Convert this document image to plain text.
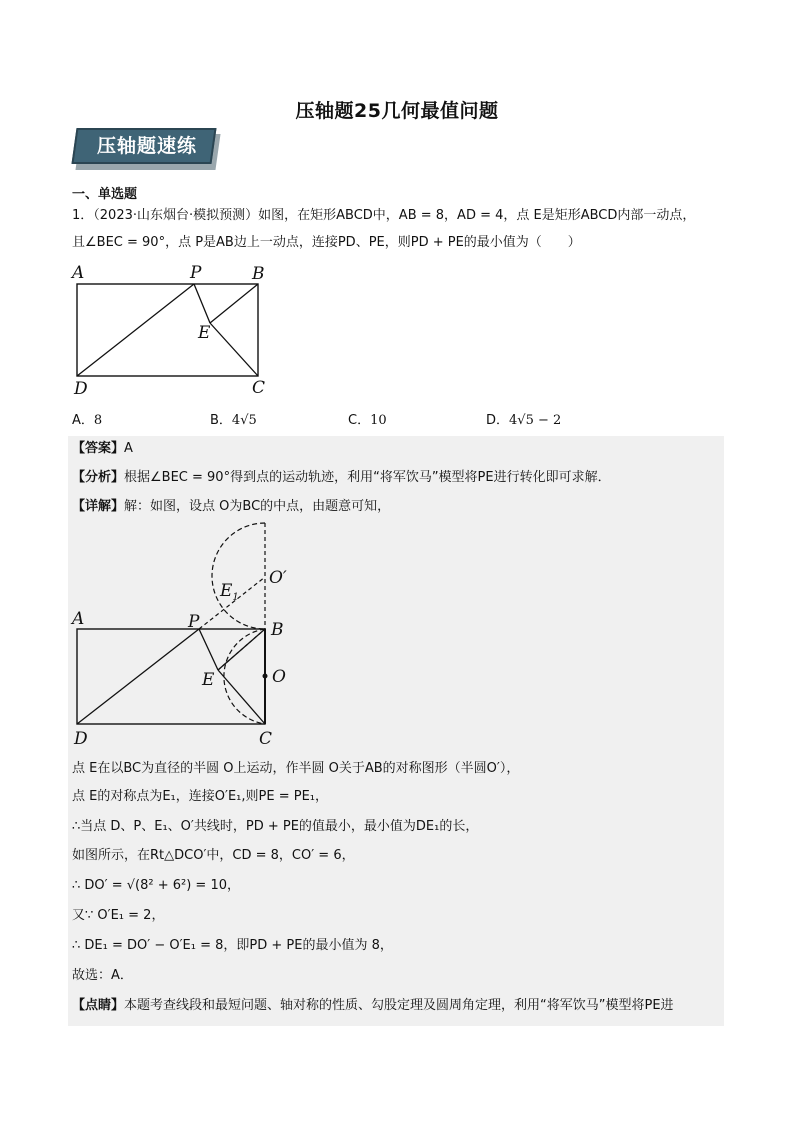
压轴题25几何最值问题
压轴题速练
一、单选题
1．（2023·山东烟台·模拟预测）如图，在矩形ABCD中，AB = 8，AD = 4，点 E是矩形ABCD内部一动点，
且∠BEC = 90°，点 P是AB边上一动点，连接PD、PE，则PD + PE的最小值为（　　）
A	P	B
E
D	C
A．8	B．4√5	C．10	D．4√5 − 2
【答案】A
【分析】根据∠BEC = 90°得到点的运动轨迹，利用“将军饮马”模型将PE进行转化即可求解．
【详解】解：如图，设点 O为BC的中点，由题意可知，
A	P	B
E
$E_1$
O
O′
D	C
点 E在以BC为直径的半圆 O上运动，作半圆 O关于AB的对称图形（半圆O′），
点 E的对称点为E₁，连接O′E₁,则PE = PE₁，
∴当点 D、P、E₁、O′共线时，PD + PE的值最小，最小值为DE₁的长，
如图所示，在Rt△DCO′中，CD = 8，CO′ = 6，
∴ DO′ = √(8² + 6²) = 10，
又∵ O′E₁ = 2，
∴ DE₁ = DO′ − O′E₁ = 8，即PD + PE的最小值为 8，
故选：A．
【点睛】本题考查线段和最短问题、轴对称的性质、勾股定理及圆周角定理，利用“将军饮马”模型将PE进
